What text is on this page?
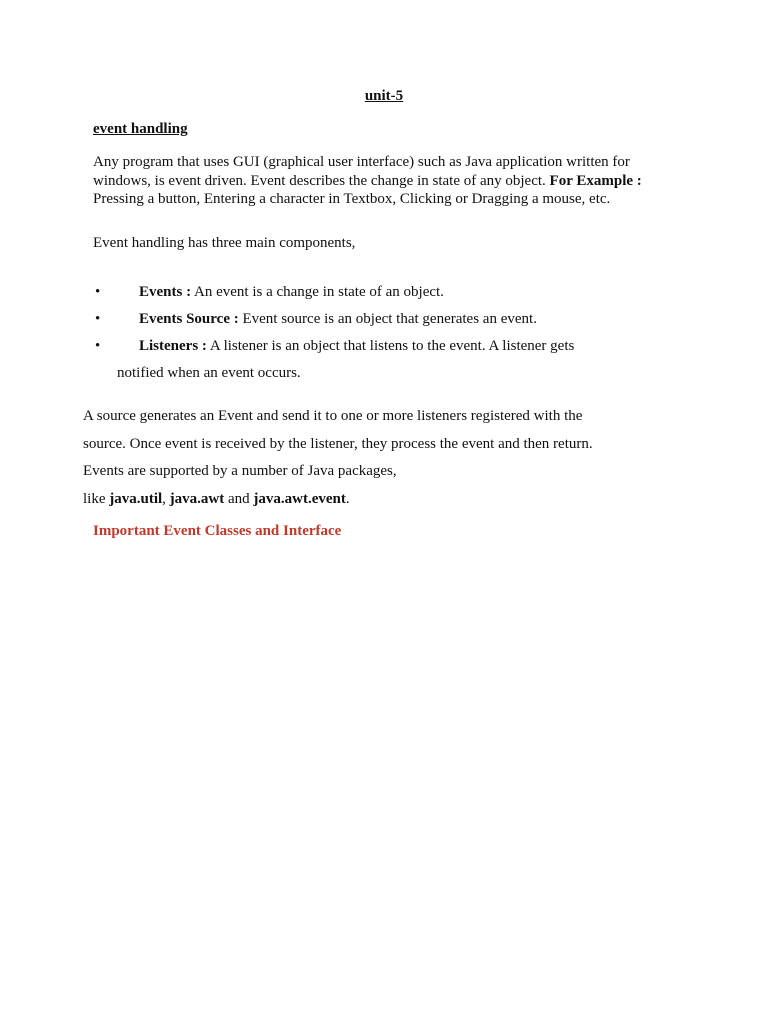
unit-5
event handling

Any program that uses GUI (graphical user interface) such as Java application written for windows, is event driven. Event describes the change in state of any object. For Example : Pressing a button, Entering a character in Textbox, Clicking or Dragging a mouse, etc.

Event handling has three main components,

•	Events : An event is a change in state of an object.
•	Events Source : Event source is an object that generates an event.
•	Listeners : A listener is an object that listens to the event. A listener gets
notified when an event occurs.

A source generates an Event and send it to one or more listeners registered with the
source. Once event is received by the listener, they process the event and then return.
Events are supported by a number of Java packages,
like java.util, java.awt and java.awt.event.

Important Event Classes and Interface
